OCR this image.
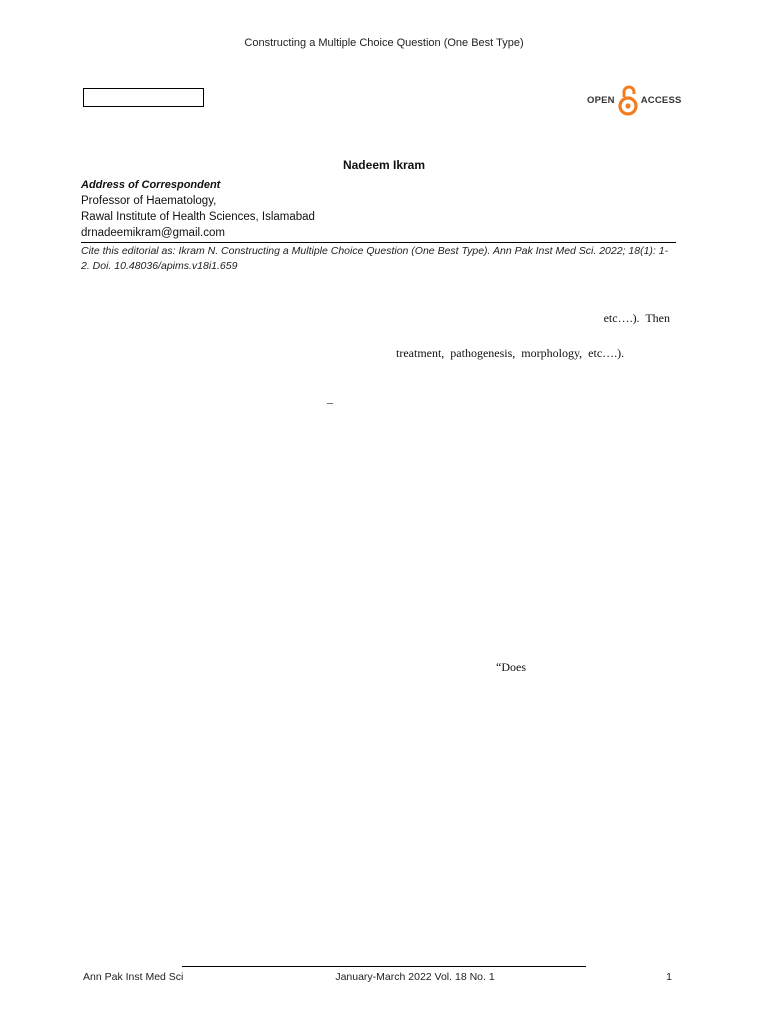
Constructing a Multiple Choice Question (One Best Type)
OPEN	ACCESS
Nadeem Ikram
Address of Correspondent
Professor of Haematology,
Rawal Institute of Health Sciences, Islamabad
drnadeemikram@gmail.com
Cite this editorial as: Ikram N. Constructing a Multiple Choice Question (One Best Type). Ann Pak Inst Med Sci. 2022; 18(1): 1-2. Doi. 10.48036/apims.v18i1.659
etc….).  Then
treatment,  pathogenesis,  morphology,  etc….).
–
“Does
Ann Pak Inst Med Sci	January-March 2022 Vol. 18 No. 1	1
